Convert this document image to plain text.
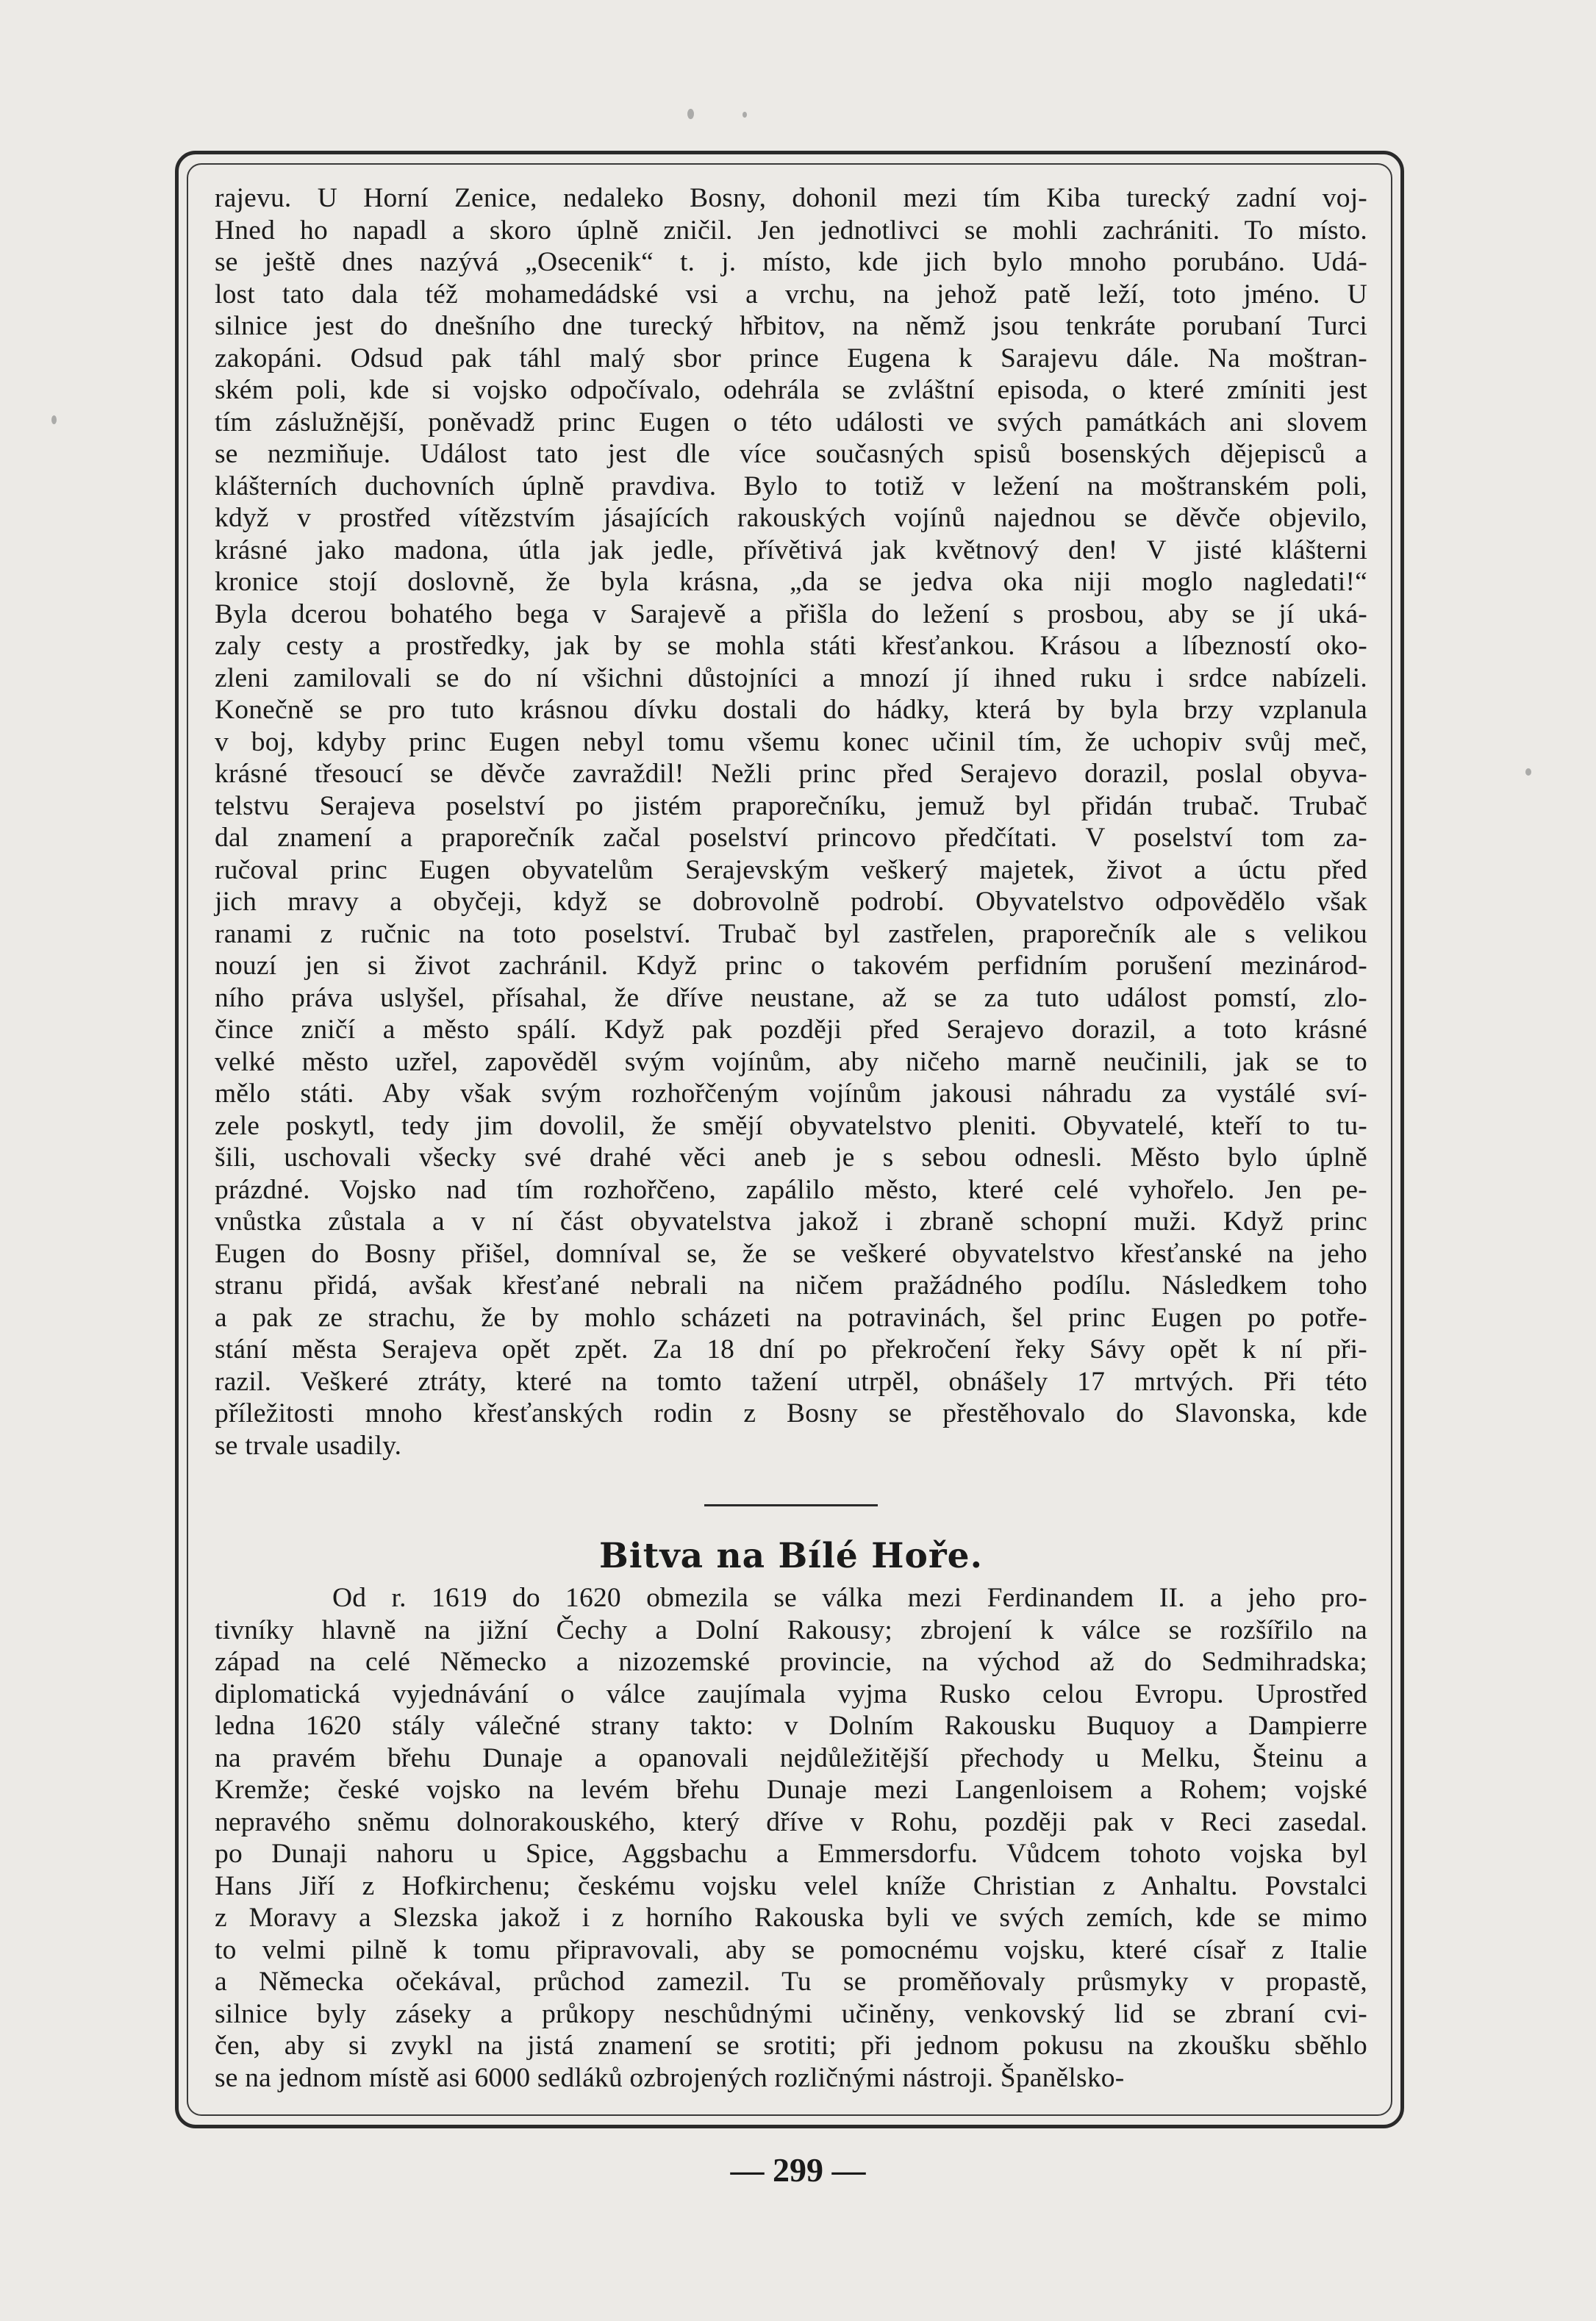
rajevu. U Horní Zenice, nedaleko Bosny, dohonil mezi tím Kiba turecký zadní voj-
Hned ho napadl a skoro úplně zničil. Jen jednotlivci se mohli zachrániti. To místo.
se ještě dnes nazývá „Osecenik“ t. j. místo, kde jich bylo mnoho porubáno. Udá-
lost tato dala též mohamedádské vsi a vrchu, na jehož patě leží, toto jméno. U
silnice jest do dnešního dne turecký hřbitov, na němž jsou tenkráte porubaní Turci
zakopáni. Odsud pak táhl malý sbor prince Eugena k Sarajevu dále. Na moštran-
ském poli, kde si vojsko odpočívalo, odehrála se zvláštní episoda, o které zmíniti jest
tím záslužnější, poněvadž princ Eugen o této události ve svých památkách ani slovem
se nezmiňuje. Událost tato jest dle více současných spisů bosenských dějepisců a
klášterních duchovních úplně pravdiva. Bylo to totiž v ležení na moštranském poli,
když v prostřed vítězstvím jásajících rakouských vojínů najednou se děvče objevilo,
krásné jako madona, útla jak jedle, přívětivá jak květnový den! V jisté klášterni
kronice stojí doslovně, že byla krásna, „da se jedva oka niji moglo nagledati!“
Byla dcerou bohatého bega v Sarajevě a přišla do ležení s prosbou, aby se jí uká-
zaly cesty a prostředky, jak by se mohla státi křesťankou. Krásou a líbezností oko-
zleni zamilovali se do ní všichni důstojníci a mnozí jí ihned ruku i srdce nabízeli.
Konečně se pro tuto krásnou dívku dostali do hádky, která by byla brzy vzplanula
v boj, kdyby princ Eugen nebyl tomu všemu konec učinil tím, že uchopiv svůj meč,
krásné třesoucí se děvče zavraždil! Nežli princ před Serajevo dorazil, poslal obyva-
telstvu Serajeva poselství po jistém praporečníku, jemuž byl přidán trubač. Trubač
dal znamení a praporečník začal poselství princovo předčítati. V poselství tom za-
ručoval princ Eugen obyvatelům Serajevským veškerý majetek, život a úctu před
jich mravy a obyčeji, když se dobrovolně podrobí. Obyvatelstvo odpovědělo však
ranami z ručnic na toto poselství. Trubač byl zastřelen, praporečník ale s velikou
nouzí jen si život zachránil. Když princ o takovém perfidním porušení mezinárod-
ního práva uslyšel, přísahal, že dříve neustane, až se za tuto událost pomstí, zlo-
čince zničí a město spálí. Když pak později před Serajevo dorazil, a toto krásné
velké město uzřel, zapověděl svým vojínům, aby ničeho marně neučinili, jak se to
mělo státi. Aby však svým rozhořčeným vojínům jakousi náhradu za vystálé sví-
zele poskytl, tedy jim dovolil, že smějí obyvatelstvo pleniti. Obyvatelé, kteří to tu-
šili, uschovali všecky své drahé věci aneb je s sebou odnesli. Město bylo úplně
prázdné. Vojsko nad tím rozhořčeno, zapálilo město, které celé vyhořelo. Jen pe-
vnůstka zůstala a v ní část obyvatelstva jakož i zbraně schopní muži. Když princ
Eugen do Bosny přišel, domníval se, že se veškeré obyvatelstvo křesťanské na jeho
stranu přidá, avšak křesťané nebrali na ničem pražádného podílu. Následkem toho
a pak ze strachu, že by mohlo scházeti na potravinách, šel princ Eugen po potře-
stání města Serajeva opět zpět. Za 18 dní po překročení řeky Sávy opět k ní při-
razil. Veškeré ztráty, které na tomto tažení utrpěl, obnášely 17 mrtvých. Při této
příležitosti mnoho křesťanských rodin z Bosny se přestěhovalo do Slavonska, kde
se trvale usadily.

Bitva na Bílé Hoře.

Od r. 1619 do 1620 obmezila se válka mezi Ferdinandem II. a jeho pro-
tivníky hlavně na jižní Čechy a Dolní Rakousy; zbrojení k válce se rozšířilo na
západ na celé Německo a nizozemské provincie, na východ až do Sedmihradska;
diplomatická vyjednávání o válce zaujímala vyjma Rusko celou Evropu. Uprostřed
ledna 1620 stály válečné strany takto: v Dolním Rakousku Buquoy a Dampierre
na pravém břehu Dunaje a opanovali nejdůležitější přechody u Melku, Šteinu a
Kremže; české vojsko na levém břehu Dunaje mezi Langenloisem a Rohem; vojské
nepravého sněmu dolnorakouského, který dříve v Rohu, později pak v Reci zasedal.
po Dunaji nahoru u Spice, Aggsbachu a Emmersdorfu. Vůdcem tohoto vojska byl
Hans Jiří z Hofkirchenu; českému vojsku velel kníže Christian z Anhaltu. Povstalci
z Moravy a Slezska jakož i z horního Rakouska byli ve svých zemích, kde se mimo
to velmi pilně k tomu připravovali, aby se pomocnému vojsku, které císař z Italie
a Německa očekával, průchod zamezil. Tu se proměňovaly průsmyky v propastě,
silnice byly záseky a průkopy neschůdnými učiněny, venkovský lid se zbraní cvi-
čen, aby si zvykl na jistá znamení se srotiti; při jednom pokusu na zkoušku sběhlo
se na jednom místě asi 6000 sedláků ozbrojených rozličnými nástroji. Španělsko-

— 299 —
